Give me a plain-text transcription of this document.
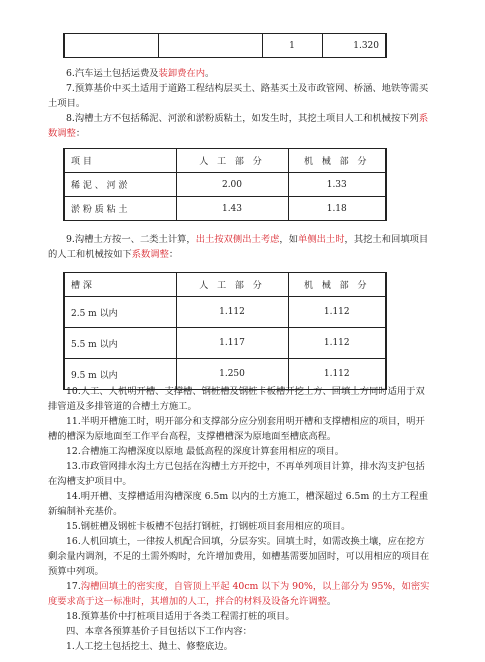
		1	1.320

6.汽车运土包括运费及装卸费在内。

7.预算基价中买土适用于道路工程结构层买土、路基买土及市政管网、桥涵、地铁等需买土项目。

8.沟槽土方不包括稀泥、河淤和淤粉质粘土，如发生时，其挖土项目人工和机械按下列系数调整：

项 目	人 工 部 分	机 械 部 分
稀 泥 、 河 淤	2.00	1.33
淤 粉 质 粘 土	1.43	1.18

9.沟槽土方按一、二类土计算，出土按双侧出土考虑，如单侧出土时，其挖土和回填项目的人工和机械按如下系数调整：

槽 深	人 工 部 分	机 械 部 分
2.5 m 以内	1.112	1.112
5.5 m 以内	1.117	1.112
9.5 m 以内	1.250	1.112

10.人工、人机明开槽、支撑槽、钢桩槽及钢桩卡板槽开挖土方、回填土方同时适用于双排管道及多排管道的合槽土方施工。

11.半明开槽施工时，明开部分和支撑部分应分别套用明开槽和支撑槽相应的项目，明开槽的槽深为原地面至工作平台高程，支撑槽槽深为原地面至槽底高程。

12.合槽施工沟槽深度以原地 最低高程的深度计算套用相应的项目。

13.市政管网排水沟土方已包括在沟槽土方开挖中，不再单列项目计算，排水沟支护包括在沟槽支护项目中。

14.明开槽、支撑槽适用沟槽深度 6.5m 以内的土方施工，槽深超过 6.5m 的土方工程重新编制补充基价。

15.钢桩槽及钢桩卡板槽不包括打钢桩，打钢桩项目套用相应的项目。

16.人机回填土，一律按人机配合回填，分层夯实。回填土时，如需改换土壤，应在挖方剩余量内调剂，不足的土需外购时，允许增加费用，如槽基需要加固时，可以用相应的项目在预算中列项。

17.沟槽回填土的密实度，自管顶上平起 40cm 以下为 90%，以上部分为 95%，如密实度要求高于这一标准时，其增加的人工，拌合的材料及设备允许调整。

18.预算基价中打桩项目适用于各类工程需打桩的项目。

四、本章各预算基价子目包括以下工作内容：

1.人工挖土包括挖土、抛土、修整底边。
